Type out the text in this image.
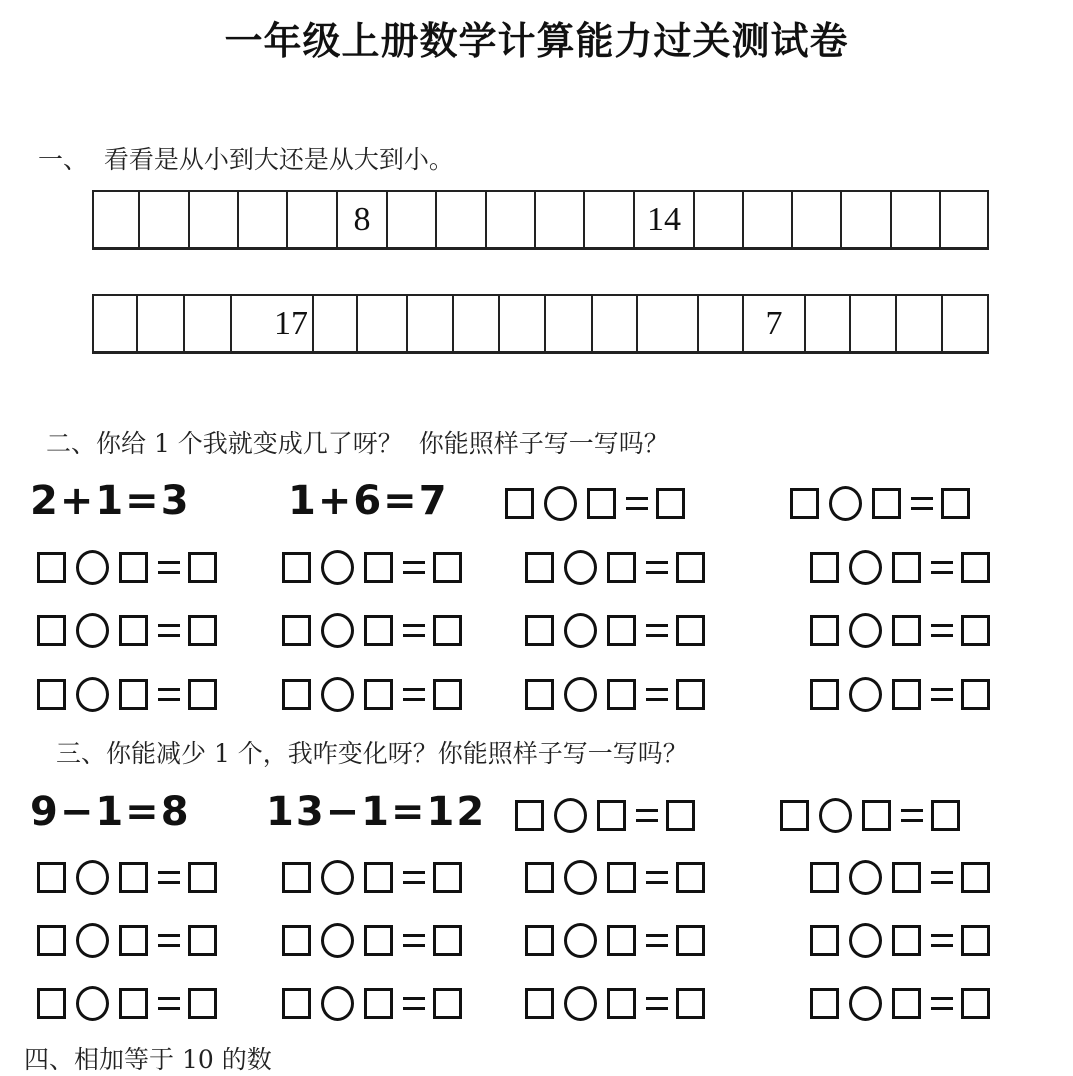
一年级上册数学计算能力过关测试卷
一、  看看是从小到大还是从大到小。
8	14
17	7
二、你给 1 个我就变成几了呀？  你能照样子写一写吗？
2+1=3 1+6=7
三、你能减少 1 个，我咋变化呀？你能照样子写一写吗？
9−1=8 13−1=12
四、相加等于 10 的数
